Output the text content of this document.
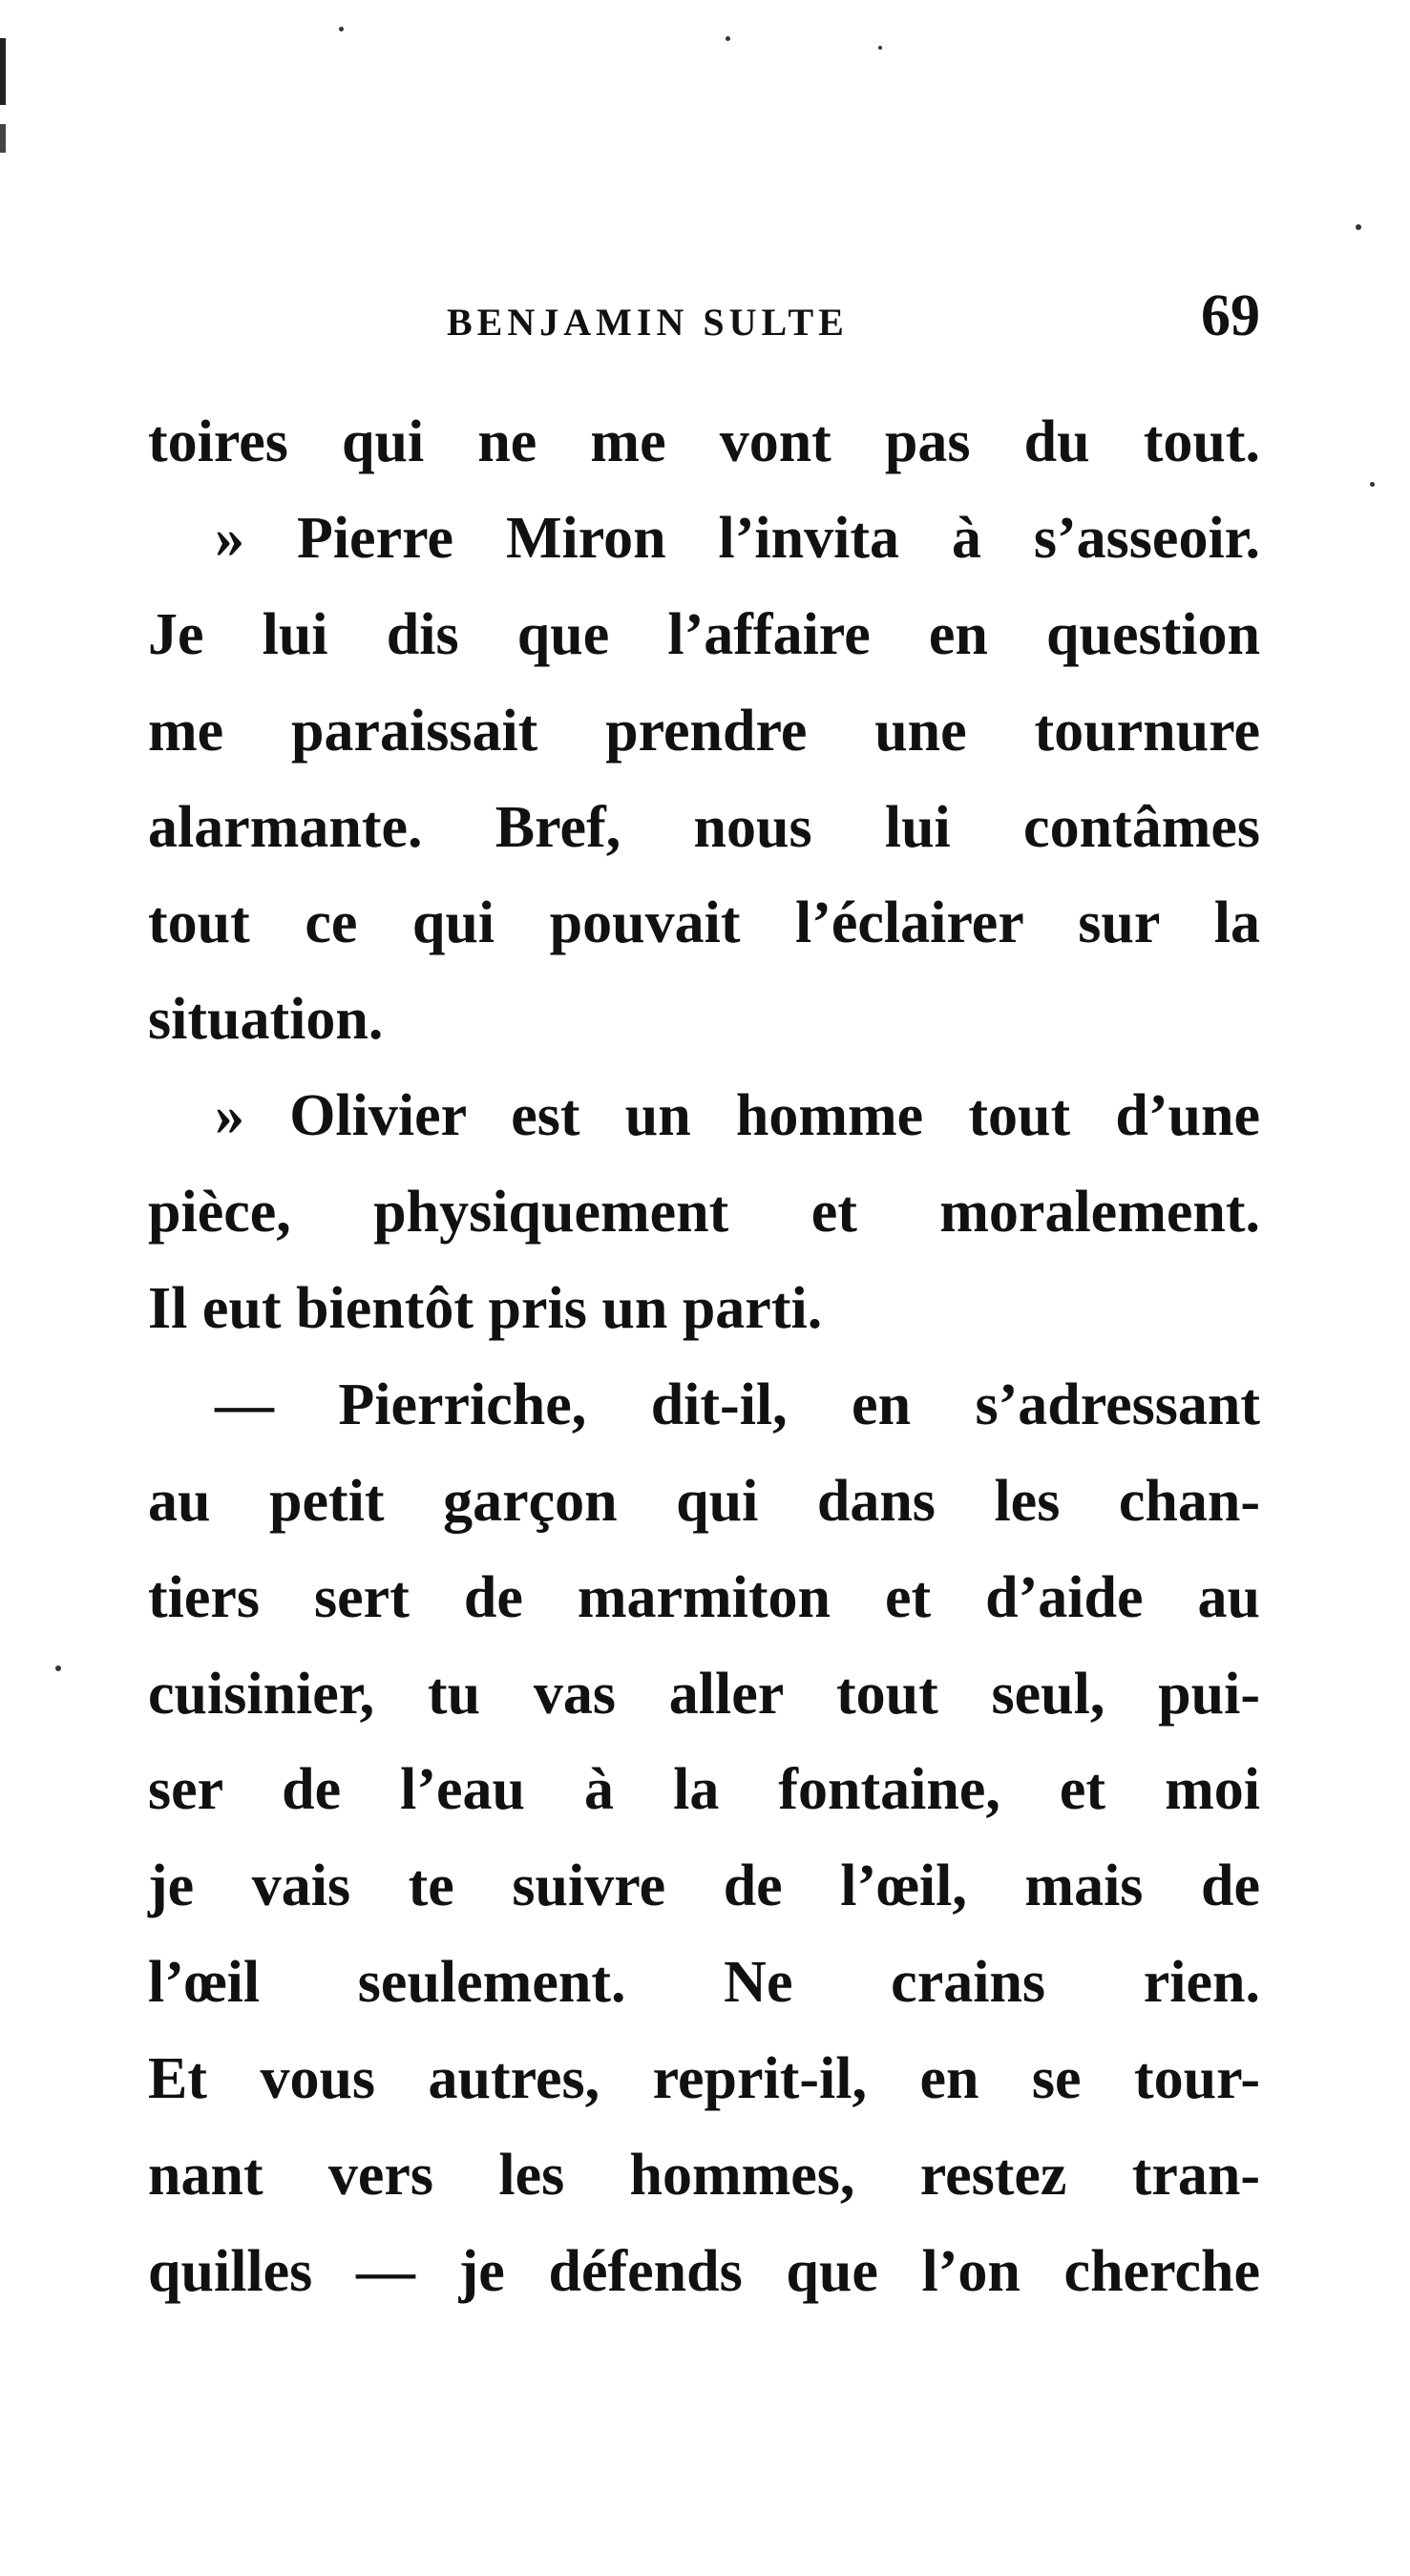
BENJAMIN SULTE	69
toires qui ne me vont pas du tout.
» Pierre Miron l’invita à s’asseoir.
Je lui dis que l’affaire en question
me paraissait prendre une tournure
alarmante. Bref, nous lui contâmes
tout ce qui pouvait l’éclairer sur la
situation.
» Olivier est un homme tout d’une
pièce, physiquement et moralement.
Il eut bientôt pris un parti.
— Pierriche, dit-il, en s’adressant
au petit garçon qui dans les chan-
tiers sert de marmiton et d’aide au
cuisinier, tu vas aller tout seul, pui-
ser de l’eau à la fontaine, et moi
je vais te suivre de l’œil, mais de
l’œil seulement. Ne crains rien.
Et vous autres, reprit-il, en se tour-
nant vers les hommes, restez tran-
quilles — je défends que l’on cherche
